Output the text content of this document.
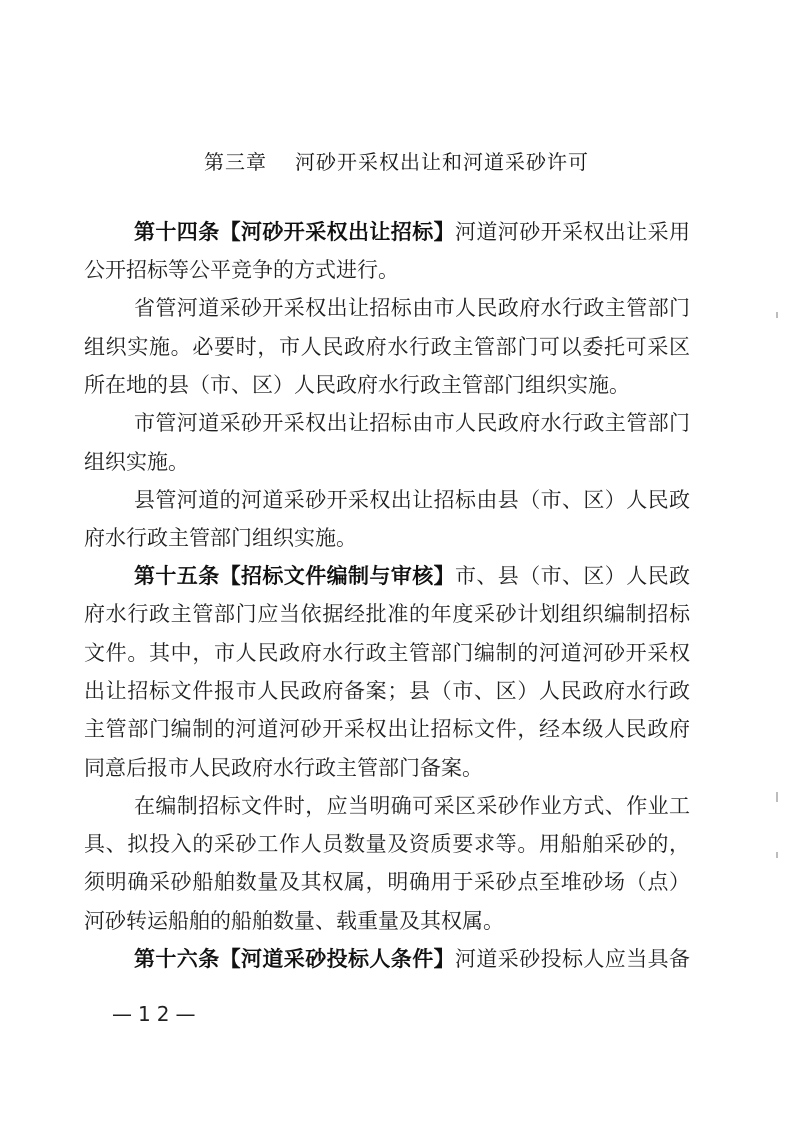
第三章 河砂开采权出让和河道采砂许可
第十四条【河砂开采权出让招标】河道河砂开采权出让采用
公开招标等公平竞争的方式进行。
省管河道采砂开采权出让招标由市人民政府水行政主管部门
组织实施。必要时，市人民政府水行政主管部门可以委托可采区
所在地的县（市、区）人民政府水行政主管部门组织实施。
市管河道采砂开采权出让招标由市人民政府水行政主管部门
组织实施。
县管河道的河道采砂开采权出让招标由县（市、区）人民政
府水行政主管部门组织实施。
第十五条【招标文件编制与审核】市、县（市、区）人民政
府水行政主管部门应当依据经批准的年度采砂计划组织编制招标
文件。其中，市人民政府水行政主管部门编制的河道河砂开采权
出让招标文件报市人民政府备案；县（市、区）人民政府水行政
主管部门编制的河道河砂开采权出让招标文件，经本级人民政府
同意后报市人民政府水行政主管部门备案。
在编制招标文件时，应当明确可采区采砂作业方式、作业工
具、拟投入的采砂工作人员数量及资质要求等。用船舶采砂的，
须明确采砂船舶数量及其权属，明确用于采砂点至堆砂场（点）
河砂转运船舶的船舶数量、载重量及其权属。
第十六条【河道采砂投标人条件】河道采砂投标人应当具备
—12—
